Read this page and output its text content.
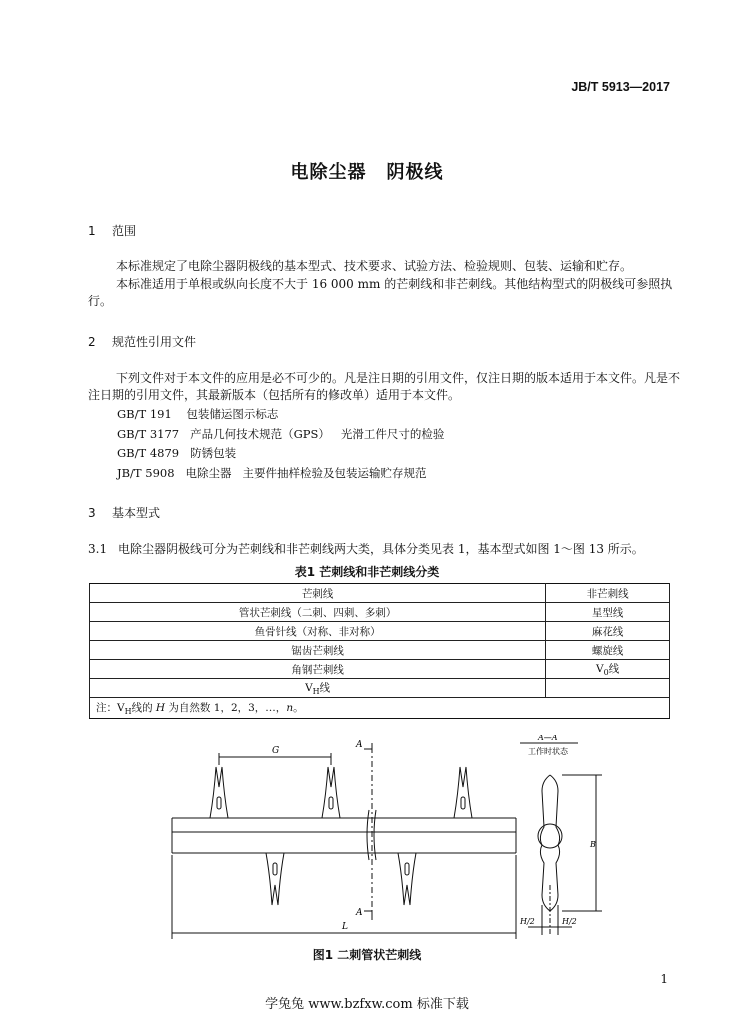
JB/T 5913—2017
电除尘器 阴极线
1 范围
本标准规定了电除尘器阴极线的基本型式、技术要求、试验方法、检验规则、包装、运输和贮存。
本标准适用于单根或纵向长度不大于 16 000 mm 的芒刺线和非芒刺线。其他结构型式的阴极线可参照执行。
2 规范性引用文件
下列文件对于本文件的应用是必不可少的。凡是注日期的引用文件，仅注日期的版本适用于本文件。凡是不注日期的引用文件，其最新版本（包括所有的修改单）适用于本文件。
GB/T 191    包装储运图示标志
GB/T 3177   产品几何技术规范（GPS）   光滑工件尺寸的检验
GB/T 4879   防锈包装
JB/T 5908   电除尘器   主要件抽样检验及包装运输贮存规范
3 基本型式
3.1 电除尘器阴极线可分为芒刺线和非芒刺线两大类，具体分类见表 1，基本型式如图 1～图 13 所示。
表1 芒刺线和非芒刺线分类
芒刺线	非芒刺线
管状芒刺线（二刺、四刺、多刺）	星型线
鱼骨针线（对称、非对称）	麻花线
锯齿芒刺线	螺旋线
角钢芒刺线	$V_0$线
$V_H$线	
注：$V_H$线的 H 为自然数 1，2，3，…，n。	
G
L
A
A
A—A
工作时状态
B
H/2	H/2
图1 二刺管状芒刺线
1
学兔兔 www.bzfxw.com 标准下载
